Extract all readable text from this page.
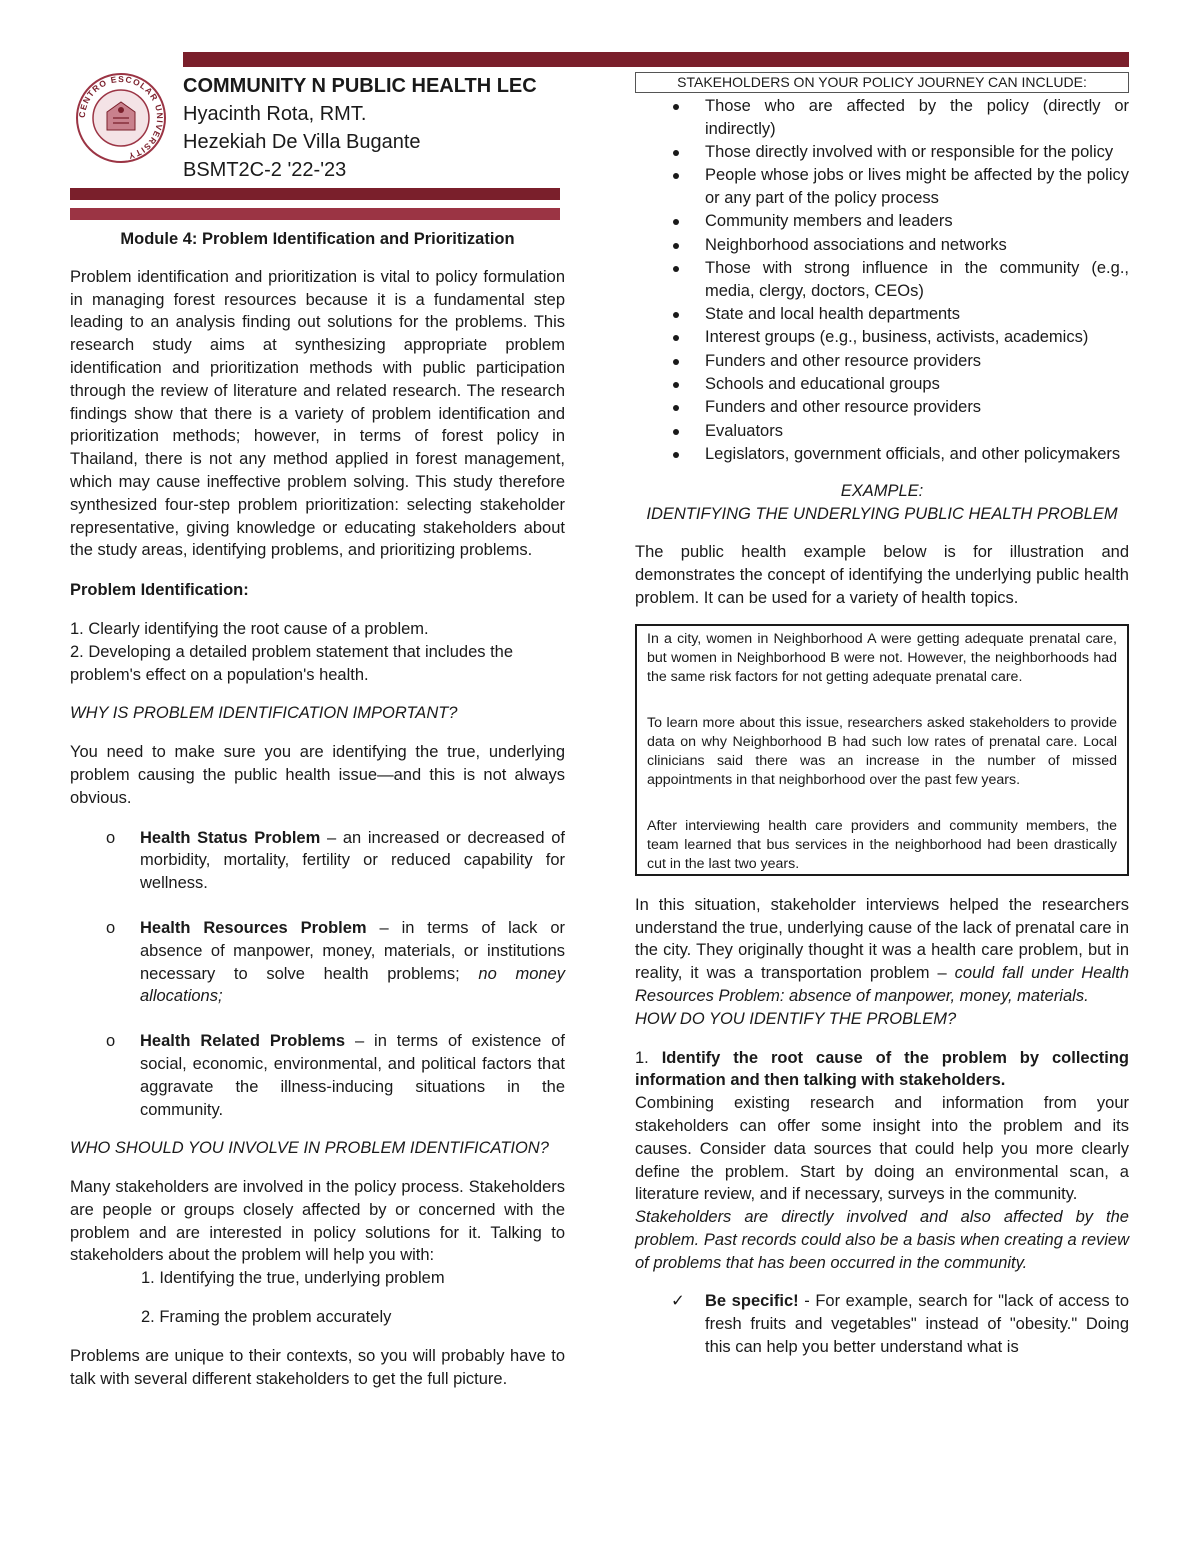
CENTRO ESCOLAR UNIVERSITY
COMMUNITY N PUBLIC HEALTH LEC
Hyacinth Rota, RMT.
Hezekiah De Villa Bugante
BSMT2C-2 '22-'23

Module 4: Problem Identification and Prioritization

Problem identification and prioritization is vital to policy formulation in managing forest resources because it is a fundamental step leading to an analysis finding out solutions for the problems. This research study aims at synthesizing appropriate problem identification and prioritization methods with public participation through the review of literature and related research. The research findings show that there is a variety of problem identification and prioritization methods; however, in terms of forest policy in Thailand, there is not any method applied in forest management, which may cause ineffective problem solving. This study therefore synthesized four-step problem prioritization: selecting stakeholder representative, giving knowledge or educating stakeholders about the study areas, identifying problems, and prioritizing problems.

Problem Identification:

1. Clearly identifying the root cause of a problem.
2. Developing a detailed problem statement that includes the problem's effect on a population's health.

WHY IS PROBLEM IDENTIFICATION IMPORTANT?

You need to make sure you are identifying the true, underlying problem causing the public health issue—and this is not always obvious.

o Health Status Problem – an increased or decreased of morbidity, mortality, fertility or reduced capability for wellness.
o Health Resources Problem – in terms of lack or absence of manpower, money, materials, or institutions necessary to solve health problems; no money allocations;
o Health Related Problems – in terms of existence of social, economic, environmental, and political factors that aggravate the illness-inducing situations in the community.

WHO SHOULD YOU INVOLVE IN PROBLEM IDENTIFICATION?

Many stakeholders are involved in the policy process. Stakeholders are people or groups closely affected by or concerned with the problem and are interested in policy solutions for it. Talking to stakeholders about the problem will help you with:

1. Identifying the true, underlying problem

2. Framing the problem accurately

Problems are unique to their contexts, so you will probably have to talk with several different stakeholders to get the full picture.

STAKEHOLDERS ON YOUR POLICY JOURNEY CAN INCLUDE:
Those who are affected by the policy (directly or indirectly)
Those directly involved with or responsible for the policy
People whose jobs or lives might be affected by the policy or any part of the policy process
Community members and leaders
Neighborhood associations and networks
Those with strong influence in the community (e.g., media, clergy, doctors, CEOs)
State and local health departments
Interest groups (e.g., business, activists, academics)
Funders and other resource providers
Schools and educational groups
Funders and other resource providers
Evaluators
Legislators, government officials, and other policymakers

EXAMPLE:
IDENTIFYING THE UNDERLYING PUBLIC HEALTH PROBLEM

The public health example below is for illustration and demonstrates the concept of identifying the underlying public health problem. It can be used for a variety of health topics.

In a city, women in Neighborhood A were getting adequate prenatal care, but women in Neighborhood B were not. However, the neighborhoods had the same risk factors for not getting adequate prenatal care.

To learn more about this issue, researchers asked stakeholders to provide data on why Neighborhood B had such low rates of prenatal care. Local clinicians said there was an increase in the number of missed appointments in that neighborhood over the past few years.

After interviewing health care providers and community members, the team learned that bus services in the neighborhood had been drastically cut in the last two years.

In this situation, stakeholder interviews helped the researchers understand the true, underlying cause of the lack of prenatal care in the city. They originally thought it was a health care problem, but in reality, it was a transportation problem – could fall under Health Resources Problem: absence of manpower, money, materials.

HOW DO YOU IDENTIFY THE PROBLEM?

1. Identify the root cause of the problem by collecting information and then talking with stakeholders.

Combining existing research and information from your stakeholders can offer some insight into the problem and its causes. Consider data sources that could help you more clearly define the problem. Start by doing an environmental scan, a literature review, and if necessary, surveys in the community.

Stakeholders are directly involved and also affected by the problem. Past records could also be a basis when creating a review of problems that has been occurred in the community.

✓ Be specific! - For example, search for "lack of access to fresh fruits and vegetables" instead of "obesity." Doing this can help you better understand what is
